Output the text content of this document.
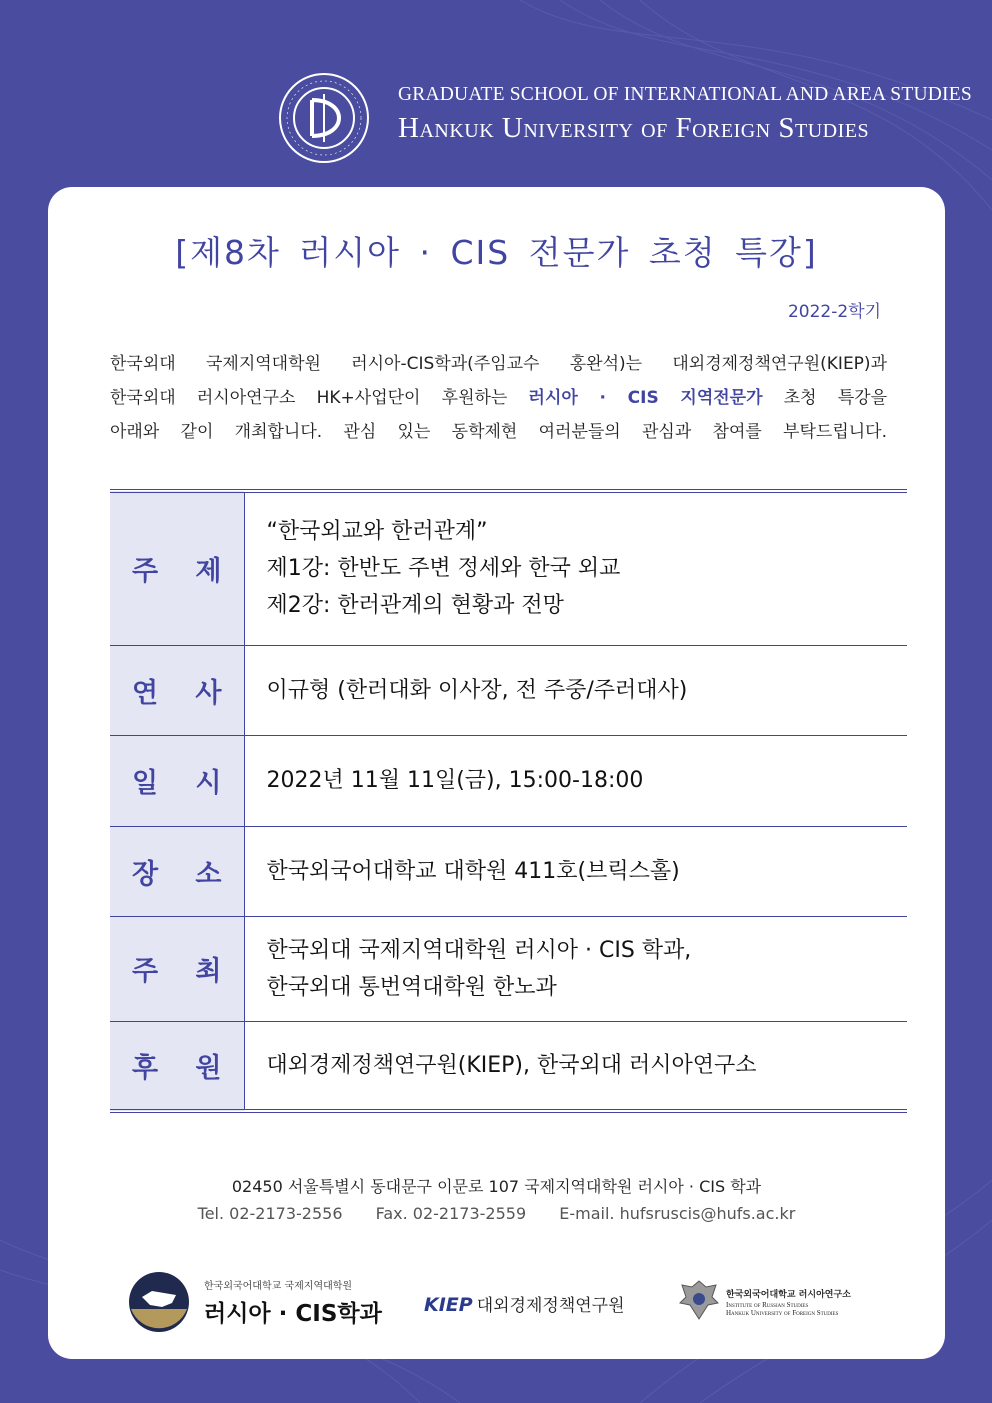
GRADUATE SCHOOL OF INTERNATIONAL AND AREA STUDIES
Hankuk University of Foreign Studies
[제8차 러시아 · CIS 전문가 초청 특강]
2022-2학기
한국외대 국제지역대학원 러시아-CIS학과(주임교수 홍완석)는 대외경제정책연구원(KIEP)과
한국외대 러시아연구소 HK+사업단이 후원하는 러시아 · CIS 지역전문가 초청 특강을
아래와 같이 개최합니다. 관심 있는 동학제현 여러분들의 관심과 참여를 부탁드립니다.
주 제	“한국외교와 한러관계”
제1강: 한반도 주변 정세와 한국 외교
제2강: 한러관계의 현황과 전망

연 사	이규형 (한러대화 이사장, 전 주중/주러대사)
일 시	2022년 11월 11일(금), 15:00-18:00
장 소	한국외국어대학교 대학원 411호(브릭스홀)
주 최	한국외대 국제지역대학원 러시아 · CIS 학과,
한국외대 통번역대학원 한노과

후 원	대외경제정책연구원(KIEP), 한국외대 러시아연구소
02450 서울특별시 동대문구 이문로 107 국제지역대학원 러시아 · CIS 학과
Tel. 02-2173-2556 Fax. 02-2173-2559 E-mail. hufsruscis@hufs.ac.kr
한국외국어대학교 국제지역대학원
러시아 · CIS학과 KIEP 대외경제정책연구원
한국외국어대학교 러시아연구소
Institute of Russian Studies
Hankuk University of Foreign Studies
